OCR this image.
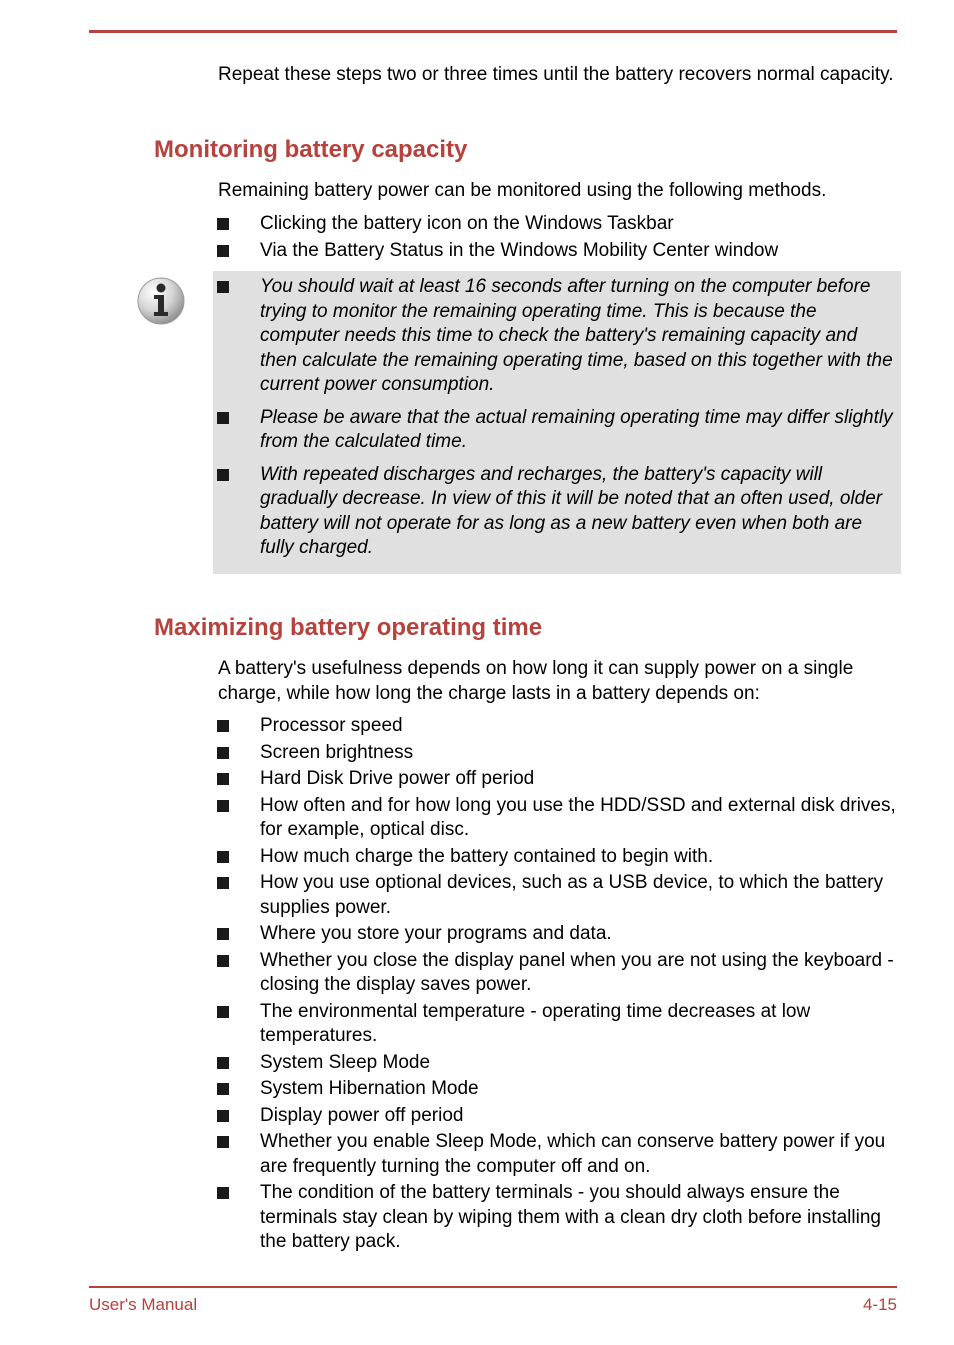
Repeat these steps two or three times until the battery recovers normal capacity.

Monitoring battery capacity

Remaining battery power can be monitored using the following methods.

Clicking the battery icon on the Windows Taskbar
Via the Battery Status in the Windows Mobility Center window
You should wait at least 16 seconds after turning on the computer before trying to monitor the remaining operating time. This is because the computer needs this time to check the battery's remaining capacity and then calculate the remaining operating time, based on this together with the current power consumption.
Please be aware that the actual remaining operating time may differ slightly from the calculated time.
With repeated discharges and recharges, the battery's capacity will gradually decrease. In view of this it will be noted that an often used, older battery will not operate for as long as a new battery even when both are fully charged.
Maximizing battery operating time

A battery's usefulness depends on how long it can supply power on a single charge, while how long the charge lasts in a battery depends on:

Processor speed
Screen brightness
Hard Disk Drive power off period
How often and for how long you use the HDD/SSD and external disk drives, for example, optical disc.
How much charge the battery contained to begin with.
How you use optional devices, such as a USB device, to which the battery supplies power.
Where you store your programs and data.
Whether you close the display panel when you are not using the keyboard - closing the display saves power.
The environmental temperature - operating time decreases at low temperatures.
System Sleep Mode
System Hibernation Mode
Display power off period
Whether you enable Sleep Mode, which can conserve battery power if you are frequently turning the computer off and on.
The condition of the battery terminals - you should always ensure the terminals stay clean by wiping them with a clean dry cloth before installing the battery pack.
User's Manual	4-15
